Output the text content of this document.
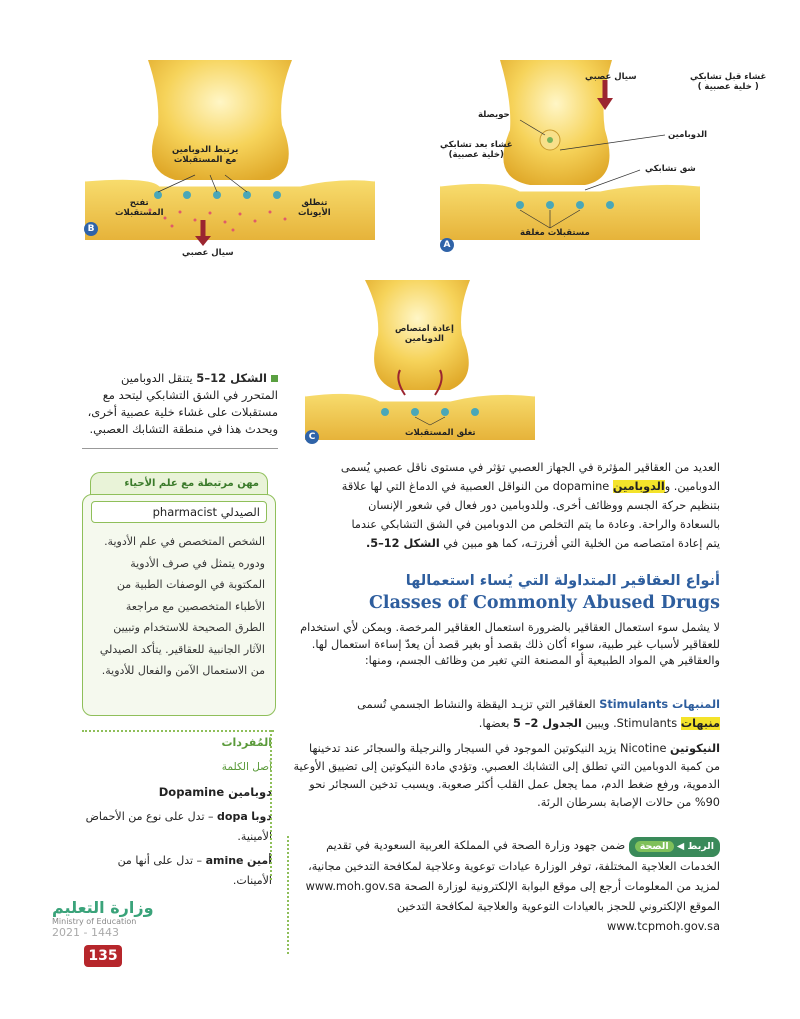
يرتبط الدوبامين
مع المستقبلات
تفتح
المستقبلات
تنطلق
الأيونات
سيال عصبي
B
غشاء قبل تشابكي
( خلية عصبية )
سيال عصبي
حويصلة
الدوبامين
غشاء بعد تشابكي
(خلية عصبية)
شق تشابكي
مستقبلات مغلقة
A
إعادة امتصاص
الدوبامين
تغلق المستقبلات
C
الشكل 12–5 يتنقل الدوبامين المتحرر في الشق التشابكي ليتحد مع مستقبلات على غشاء خلية عصبية أخرى، ويحدث هذا في منطقة التشابك العصبي.
مهن مرتبطة مع علم الأحياء
الصيدلي pharmacist
الشخص المتخصص في علم الأدوية. ودوره يتمثل في صرف الأدوية المكتوبة في الوصفات الطبية من الأطباء المتخصصين مع مراجعة الطرق الصحيحة للاستخدام وتبيين الآثار الجانبية للعقاقير. يتأكد الصيدلي من الاستعمال الآمن والفعال للأدوية.
المُفردات
أصل الكلمة
دوبامين Dopamine
دوبا dopa – تدل على نوع من الأحماض الأمينية.
أمين amine – تدل على أنها من الأمينات.

العديد من العقاقير المؤثرة في الجهاز العصبي تؤثر في مستوى ناقل عصبي يُسمى

الدوبامين. والدوبامين dopamine من النواقل العصبية في الدماغ التي لها علاقة

بتنظيم حركة الجسم ووظائف أخرى. وللدوبامين دور فعال في شعور الإنسان

بالسعادة والراحة. وعادة ما يتم التخلص من الدوبامين في الشق التشابكي عندما

يتم إعادة امتصاصه من الخلية التي أفرزتـه، كما هو مبين في الشكل 12–5.

أنواع العقاقير المتداولة التي يُساء استعمالها
Classes of Commonly Abused Drugs
لا يشمل سوء استعمال العقاقير بالضرورة استعمال العقاقير المرخصة. ويمكن لأي استخدام للعقاقير لأسباب غير طبية، سواء أكان ذلك بقصد أو بغير قصد أن يعدّ إساءة استعمال لها. والعقاقير هي المواد الطبيعية أو المصنعة التي تغير من وظائف الجسم، ومنها:

المنبهات Stimulants العقاقير التي تزيـد اليقظة والنشاط الجسمي تُسمى

منبهات Stimulants. ويبين الجدول 2– 5 بعضها.

النيكوتين Nicotine يزيد النيكوتين الموجود في السيجار والنرجيلة والسجائر عند تدخينها من كمية الدوبامين التي تطلق إلى التشابك العصبي. وتؤدي مادة النيكوتين إلى تضييق الأوعية الدموية، ورفع ضغط الدم، مما يجعل عمل القلب أكثر صعوبة. ويسبب تدخين السجائر نحو 90% من حالات الإصابة بسرطان الرئة.
الربط ◀ الصحة ضمن جهود وزارة الصحة في المملكة العربية السعودية في تقديم الخدمات العلاجية المختلفة، توفر الوزارة عيادات توعوية وعلاجية لمكافحة التدخين مجانية، لمزيد من المعلومات أرجع إلى موقع البوابة الإلكترونية لوزارة الصحة www.moh.gov.sa الموقع الإلكتروني للحجز بالعيادات التوعوية والعلاجية لمكافحة التدخين www.tcpmoh.gov.sa
وزارة التعليم
Ministry of Education
2021 - 1443
135
